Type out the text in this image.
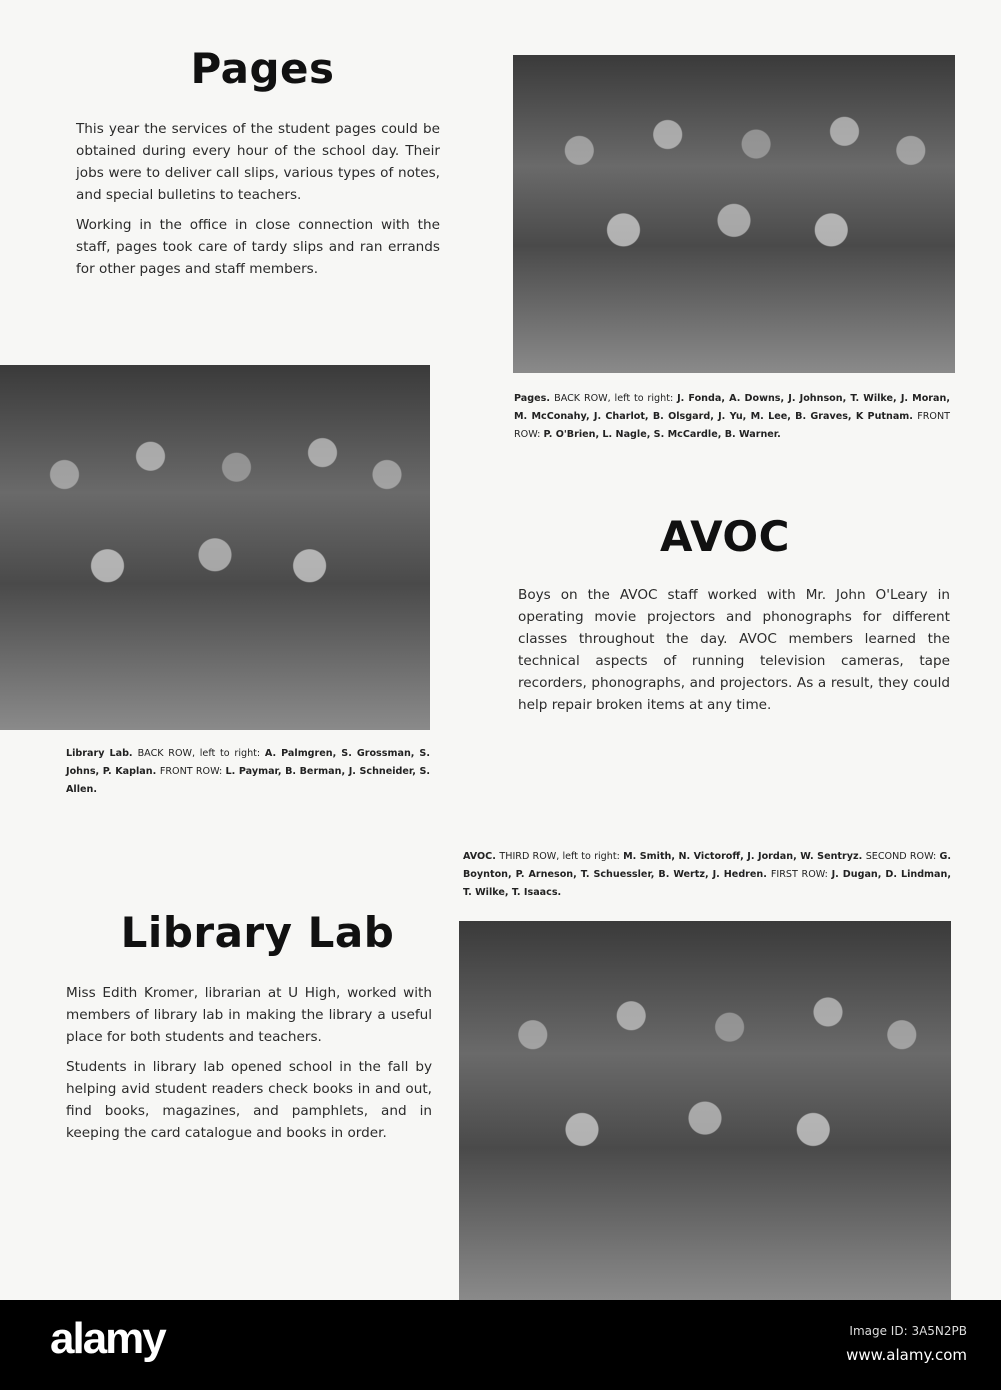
Pages

This year the services of the student pages could be obtained during every hour of the school day. Their jobs were to deliver call slips, various types of notes, and special bulletins to teachers.

Working in the office in close connection with the staff, pages took care of tardy slips and ran errands for other pages and staff members.

Pages. BACK ROW, left to right: J. Fonda, A. Downs, J. Johnson, T. Wilke, J. Moran, M. McConahy, J. Charlot, B. Olsgard, J. Yu, M. Lee, B. Graves, K Putnam. FRONT ROW: P. O'Brien, L. Nagle, S. McCardle, B. Warner.
Library Lab. BACK ROW, left to right: A. Palmgren, S. Grossman, S. Johns, P. Kaplan. FRONT ROW: L. Paymar, B. Berman, J. Schneider, S. Allen.
AVOC

Boys on the AVOC staff worked with Mr. John O'Leary in operating movie projectors and phonographs for different classes throughout the day. AVOC members learned the technical aspects of running television cameras, tape recorders, phonographs, and projectors. As a result, they could help repair broken items at any time.

AVOC. THIRD ROW, left to right: M. Smith, N. Victoroff, J. Jordan, W. Sentryz. SECOND ROW: G. Boynton, P. Arneson, T. Schuessler, B. Wertz, J. Hedren. FIRST ROW: J. Dugan, D. Lindman, T. Wilke, T. Isaacs.
Library Lab

Miss Edith Kromer, librarian at U High, worked with members of library lab in making the library a useful place for both students and teachers.

Students in library lab opened school in the fall by helping avid student readers check books in and out, find books, magazines, and pamphlets, and in keeping the card catalogue and books in order.

alamy	Image ID: 3A5N2PB
www.alamy.com
